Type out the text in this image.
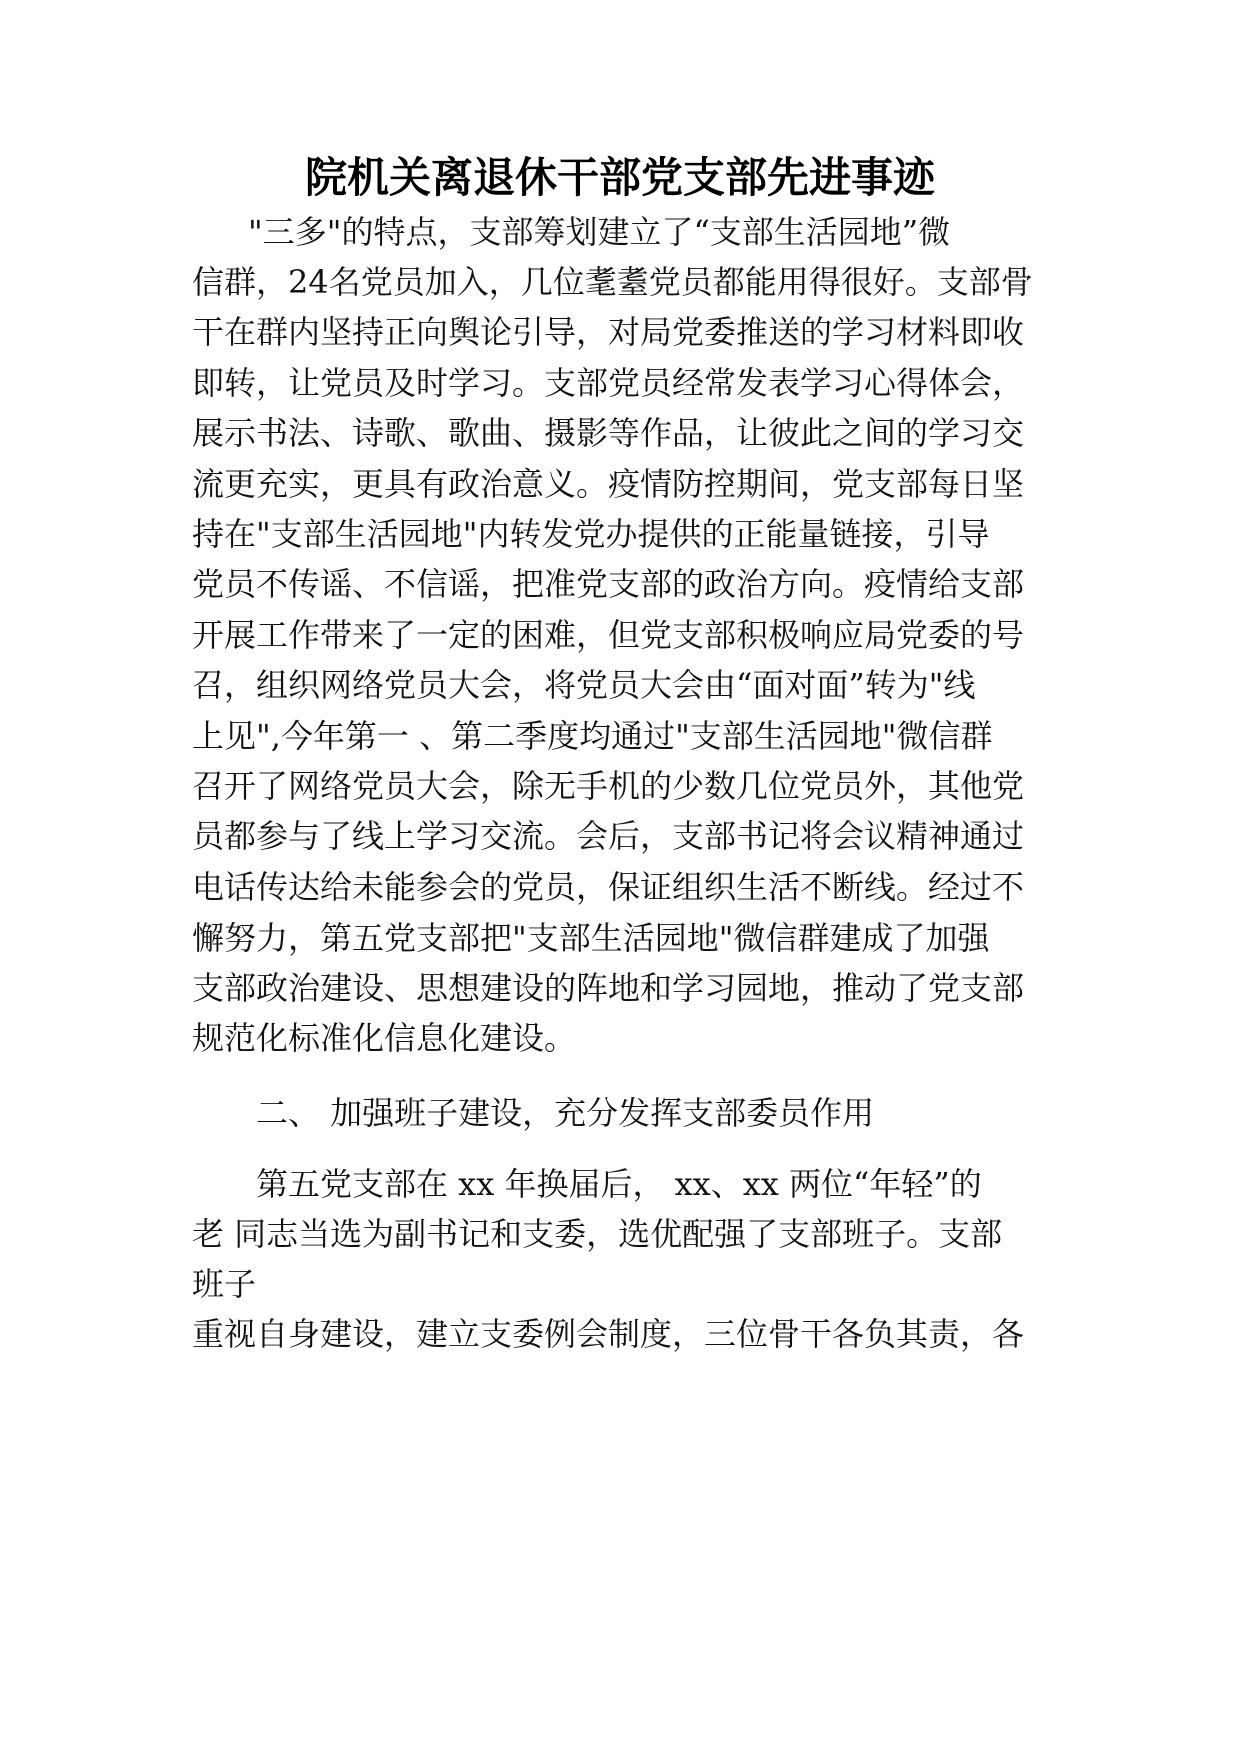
院机关离退休干部党支部先进事迹

"三多"的特点，支部筹划建立了“支部生活园地”微

信群，24名党员加入，几位耄耋党员都能用得很好。支部骨

干在群内坚持正向舆论引导，对局党委推送的学习材料即收

即转，让党员及时学习。支部党员经常发表学习心得体会，

展示书法、诗歌、歌曲、摄影等作品，让彼此之间的学习交

流更充实，更具有政治意义。疫情防控期间，党支部每日坚

持在"支部生活园地"内转发党办提供的正能量链接，引导

党员不传谣、不信谣，把准党支部的政治方向。疫情给支部

开展工作带来了一定的困难，但党支部积极响应局党委的号

召，组织网络党员大会，将党员大会由“面对面”转为"线

上见",今年第一 、第二季度均通过"支部生活园地"微信群

召开了网络党员大会，除无手机的少数几位党员外，其他党

员都参与了线上学习交流。会后，支部书记将会议精神通过

电话传达给未能参会的党员，保证组织生活不断线。经过不

懈努力，第五党支部把"支部生活园地"微信群建成了加强

支部政治建设、思想建设的阵地和学习园地，推动了党支部

规范化标准化信息化建设。

二、 加强班子建设，充分发挥支部委员作用

第五党支部在 xx 年换届后， xx、xx 两位“年轻”的

老 同志当选为副书记和支委，选优配强了支部班子。支部

班子

重视自身建设，建立支委例会制度，三位骨干各负其责，各
